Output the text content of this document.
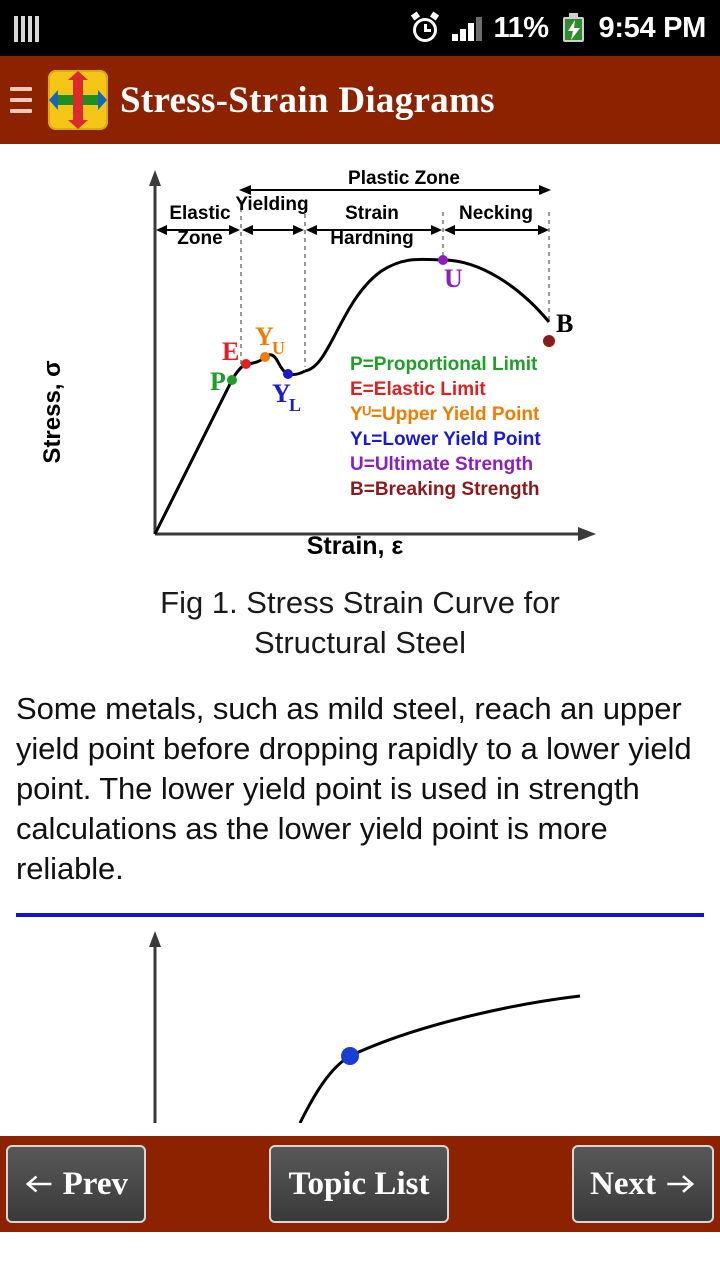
11% 9:54 PM
Stress-Strain Diagrams
Plastic Zone
Elastic
Zone
Yielding Strain
Hardning
Necking
P
E
Y
U
Y
L
U
B
P=Proportional Limit
E=Elastic Limit
Yᵁ=Upper Yield Point
Yʟ=Lower Yield Point
U=Ultimate Strength
B=Breaking Strength
Stress, σ
Strain, ε
Fig 1. Stress Strain Curve for
Structural Steel
Some metals, such as mild steel, reach an upper yield point before dropping rapidly to a lower yield point. The lower yield point is used in strength calculations as the lower yield point is more reliable.
Prev	Topic List	Next
